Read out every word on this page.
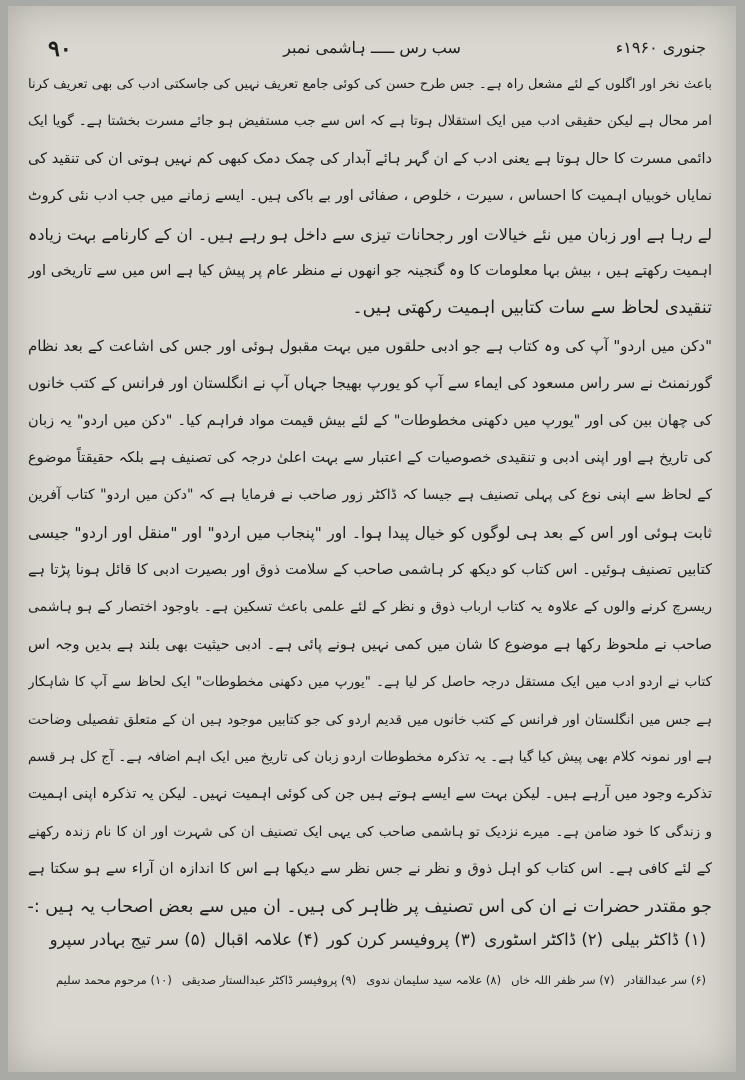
۹۰	سب رس ـــــ ہاشمی نمبر	جنوری ۱۹۶۰ء
باعث نخر اور اگلوں کے لئے مشعل راہ ہے۔ جس طرح حسن کی کوئی جامع تعریف نہیں کی جاسکتی ادب کی بھی تعریف کرنا
امر محال ہے لیکن حقیقی ادب میں ایک استقلال ہوتا ہے کہ اس سے جب مستفیض ہو جائے مسرت بخشتا ہے۔ گویا ایک
دائمی مسرت کا حال ہوتا ہے یعنی ادب کے ان گہر ہائے آبدار کی چمک دمک کبھی کم نہیں ہوتی ان کی تنقید کی
نمایاں خوبیاں اہمیت کا احساس ، سیرت ، خلوص ، صفائی اور بے باکی ہیں۔ ایسے زمانے میں جب ادب نئی کروٹ
لے رہا ہے اور زبان میں نئے خیالات اور رجحانات تیزی سے داخل ہو رہے ہیں۔ ان کے کارنامے بہت زیادہ
اہمیت رکھتے ہیں ، بیش بہا معلومات کا وہ گنجینہ جو انھوں نے منظر عام پر پیش کیا ہے اس میں سے تاریخی اور
تنقیدی لحاظ سے سات کتابیں اہمیت رکھتی ہیں۔
"دکن میں اردو" آپ کی وہ کتاب ہے جو ادبی حلقوں میں بہت مقبول ہوئی اور جس کی اشاعت کے بعد نظام
گورنمنٹ نے سر راس مسعود کی ایماء سے آپ کو یورپ بھیجا جہاں آپ نے انگلستان اور فرانس کے کتب خانوں
کی چھان بین کی اور "یورپ میں دکھنی مخطوطات" کے لئے بیش قیمت مواد فراہم کیا۔ "دکن میں اردو" یہ زبان
کی تاریخ ہے اور اپنی ادبی و تنقیدی خصوصیات کے اعتبار سے بہت اعلیٰ درجہ کی تصنیف ہے بلکہ حقیقتاً موضوع
کے لحاظ سے اپنی نوع کی پہلی تصنیف ہے جیسا کہ ڈاکٹر زور صاحب نے فرمایا ہے کہ "دکن میں اردو" کتاب آفرین
ثابت ہوئی اور اس کے بعد ہی لوگوں کو خیال پیدا ہوا۔ اور "پنجاب میں اردو" اور "منقل اور اردو" جیسی
کتابیں تصنیف ہوئیں۔ اس کتاب کو دیکھ کر ہاشمی صاحب کے سلامت ذوق اور بصیرت ادبی کا قائل ہونا پڑتا ہے
ریسرچ کرنے والوں کے علاوہ یہ کتاب ارباب ذوق و نظر کے لئے علمی باعث تسکین ہے۔ باوجود اختصار کے ہو ہاشمی
صاحب نے ملحوظ رکھا ہے موضوع کا شان میں کمی نہیں ہونے پائی ہے۔ ادبی حیثیت بھی بلند ہے بدیں وجہ اس
کتاب نے اردو ادب میں ایک مستقل درجہ حاصل کر لیا ہے۔ "یورپ میں دکھنی مخطوطات" ایک لحاظ سے آپ کا شاہکار
ہے جس میں انگلستان اور فرانس کے کتب خانوں میں قدیم اردو کی جو کتابیں موجود ہیں ان کے متعلق تفصیلی وضاحت
ہے اور نمونہ کلام بھی پیش کیا گیا ہے۔ یہ تذکرہ مخطوطات اردو زبان کی تاریخ میں ایک اہم اضافہ ہے۔ آج کل ہر قسم
تذکرے وجود میں آرہے ہیں۔ لیکن بہت سے ایسے ہوتے ہیں جن کی کوئی اہمیت نہیں۔ لیکن یہ تذکرہ اپنی اہمیت
و زندگی کا خود ضامن ہے۔ میرے نزدیک تو ہاشمی صاحب کی یہی ایک تصنیف ان کی شہرت اور ان کا نام زندہ رکھنے
کے لئے کافی ہے۔ اس کتاب کو اہل ذوق و نظر نے جس نظر سے دیکھا ہے اس کا اندازہ ان آراء سے ہو سکتا ہے
جو مقتدر حضرات نے ان کی اس تصنیف پر ظاہر کی ہیں۔ ان میں سے بعض اصحاب یہ ہیں :-
(۱) ڈاکٹر بیلی
(۲) ڈاکٹر اسٹوری
(۳) پروفیسر کرن کور
(۴) علامہ اقبال
(۵) سر تیج بہادر سپرو
(۶) سر عبدالقادر
(۷) سر ظفر اللہ خاں
(۸) علامہ سید سلیمان ندوی
(۹) پروفیسر ڈاکٹر عبدالستار صدیقی
(۱۰) مرحوم محمد سلیم
